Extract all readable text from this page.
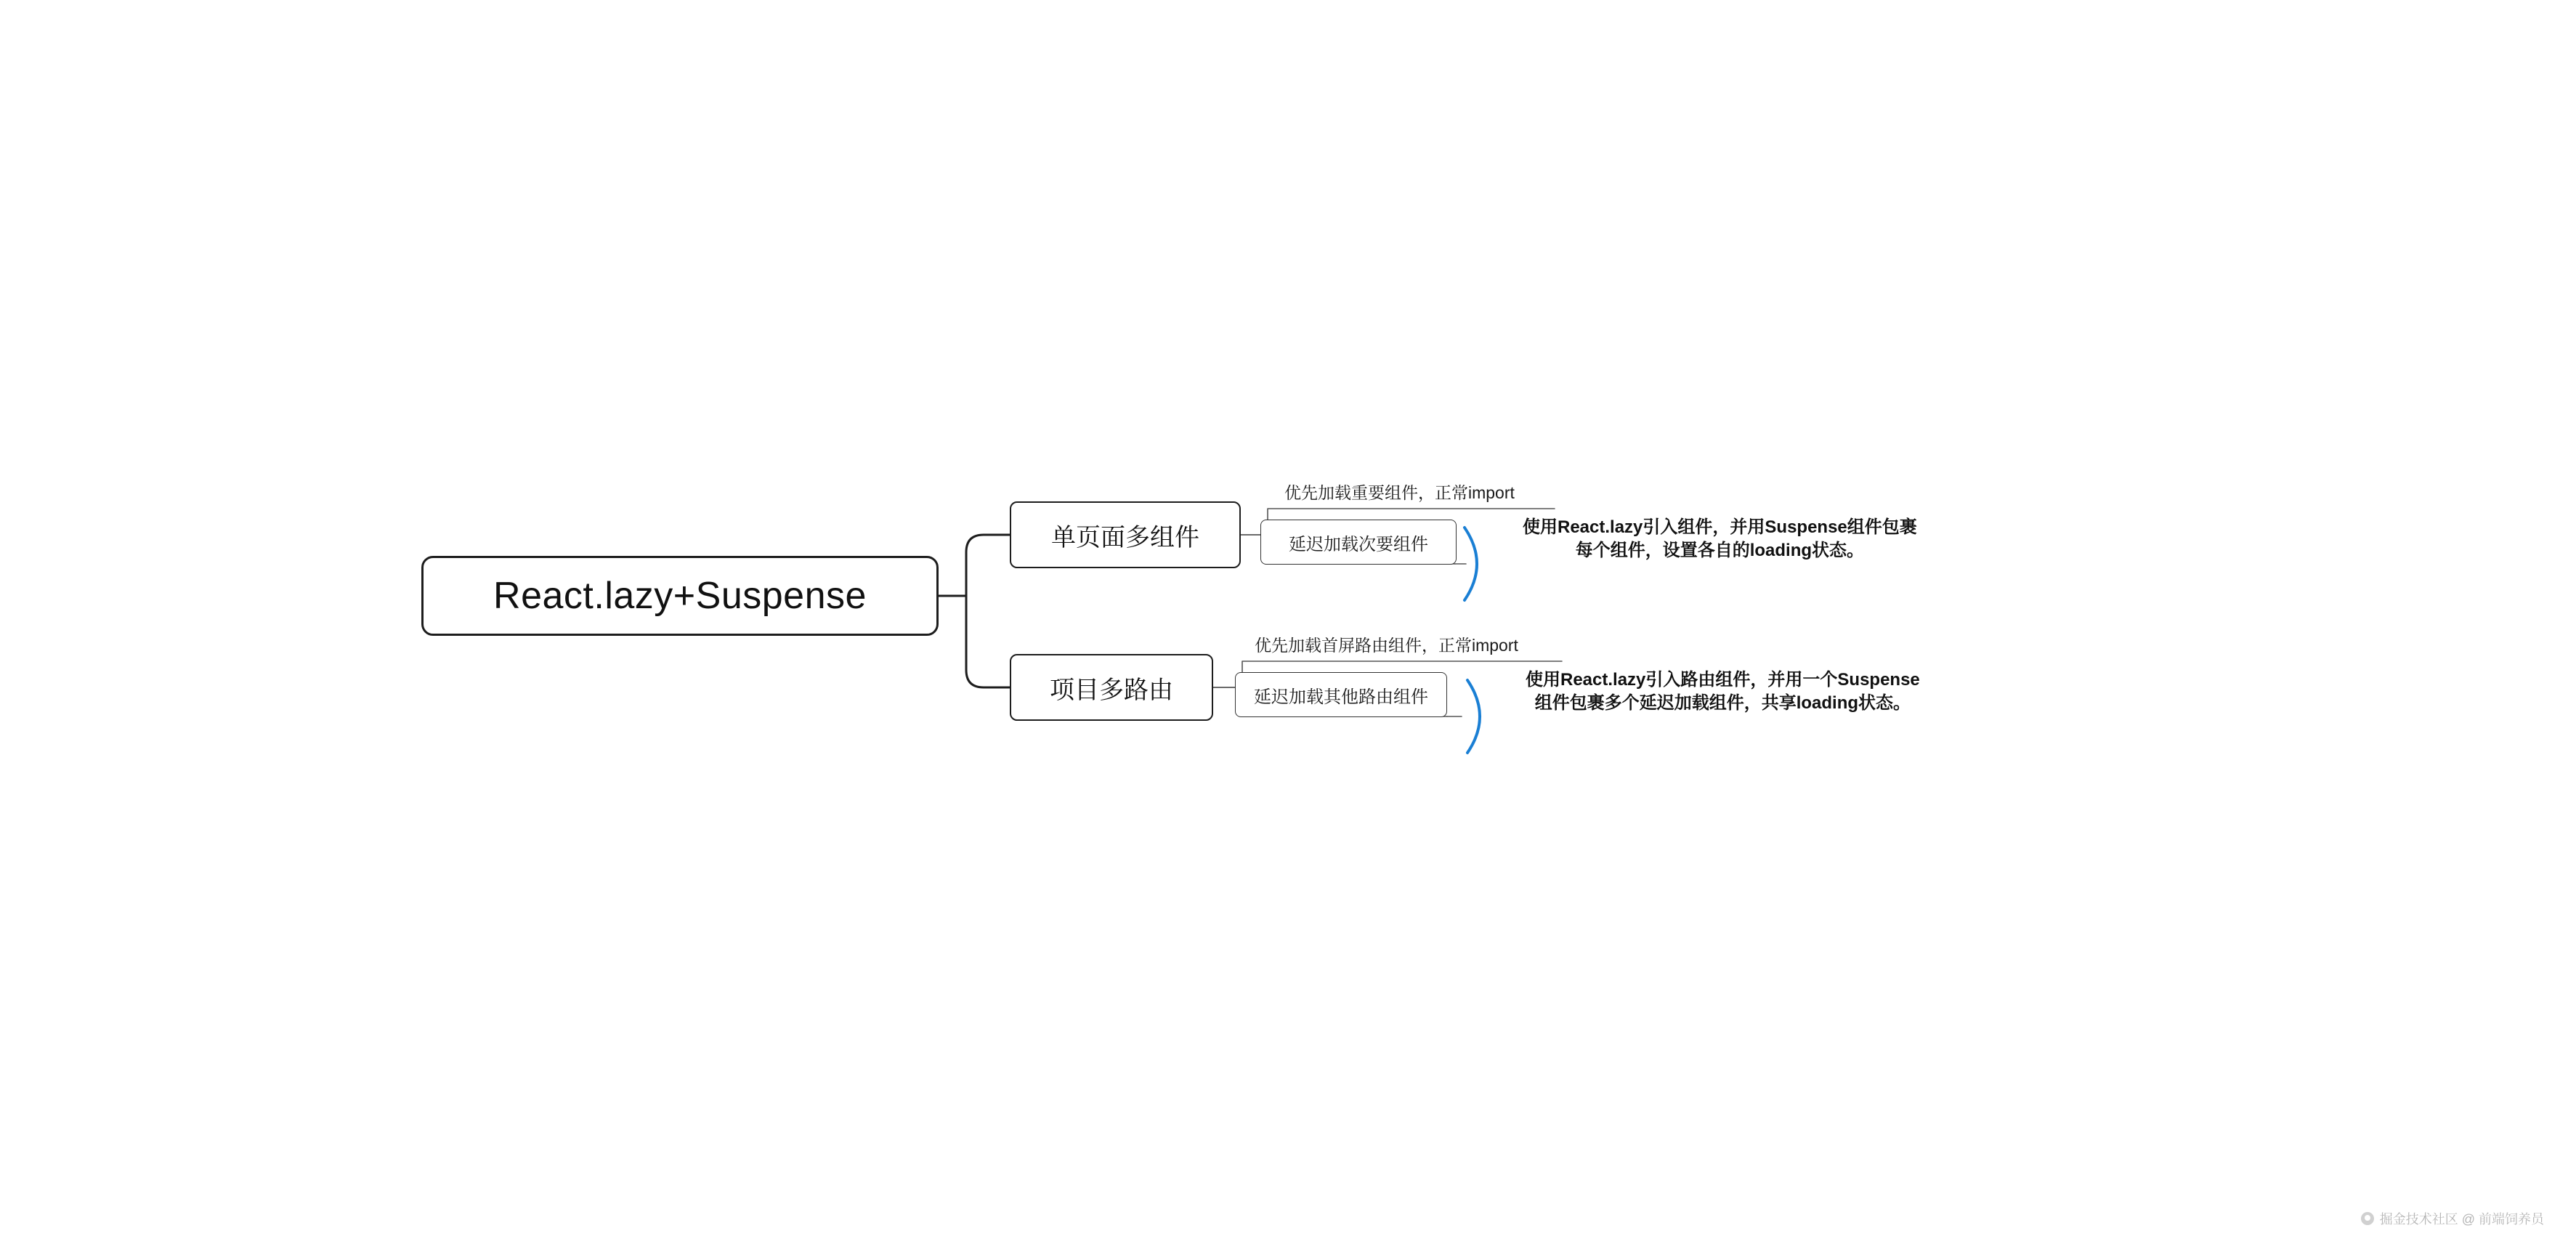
React.lazy+Suspense
单页面多组件
优先加载重要组件，正常import
延迟加载次要组件
使用React.lazy引入组件，并用Suspense组件包裹
每个组件，设置各自的loading状态。
项目多路由
优先加载首屏路由组件，正常import
延迟加载其他路由组件
使用React.lazy引入路由组件，并用一个Suspense
组件包裹多个延迟加载组件，共享loading状态。
掘金技术社区 @ 前端饲养员
